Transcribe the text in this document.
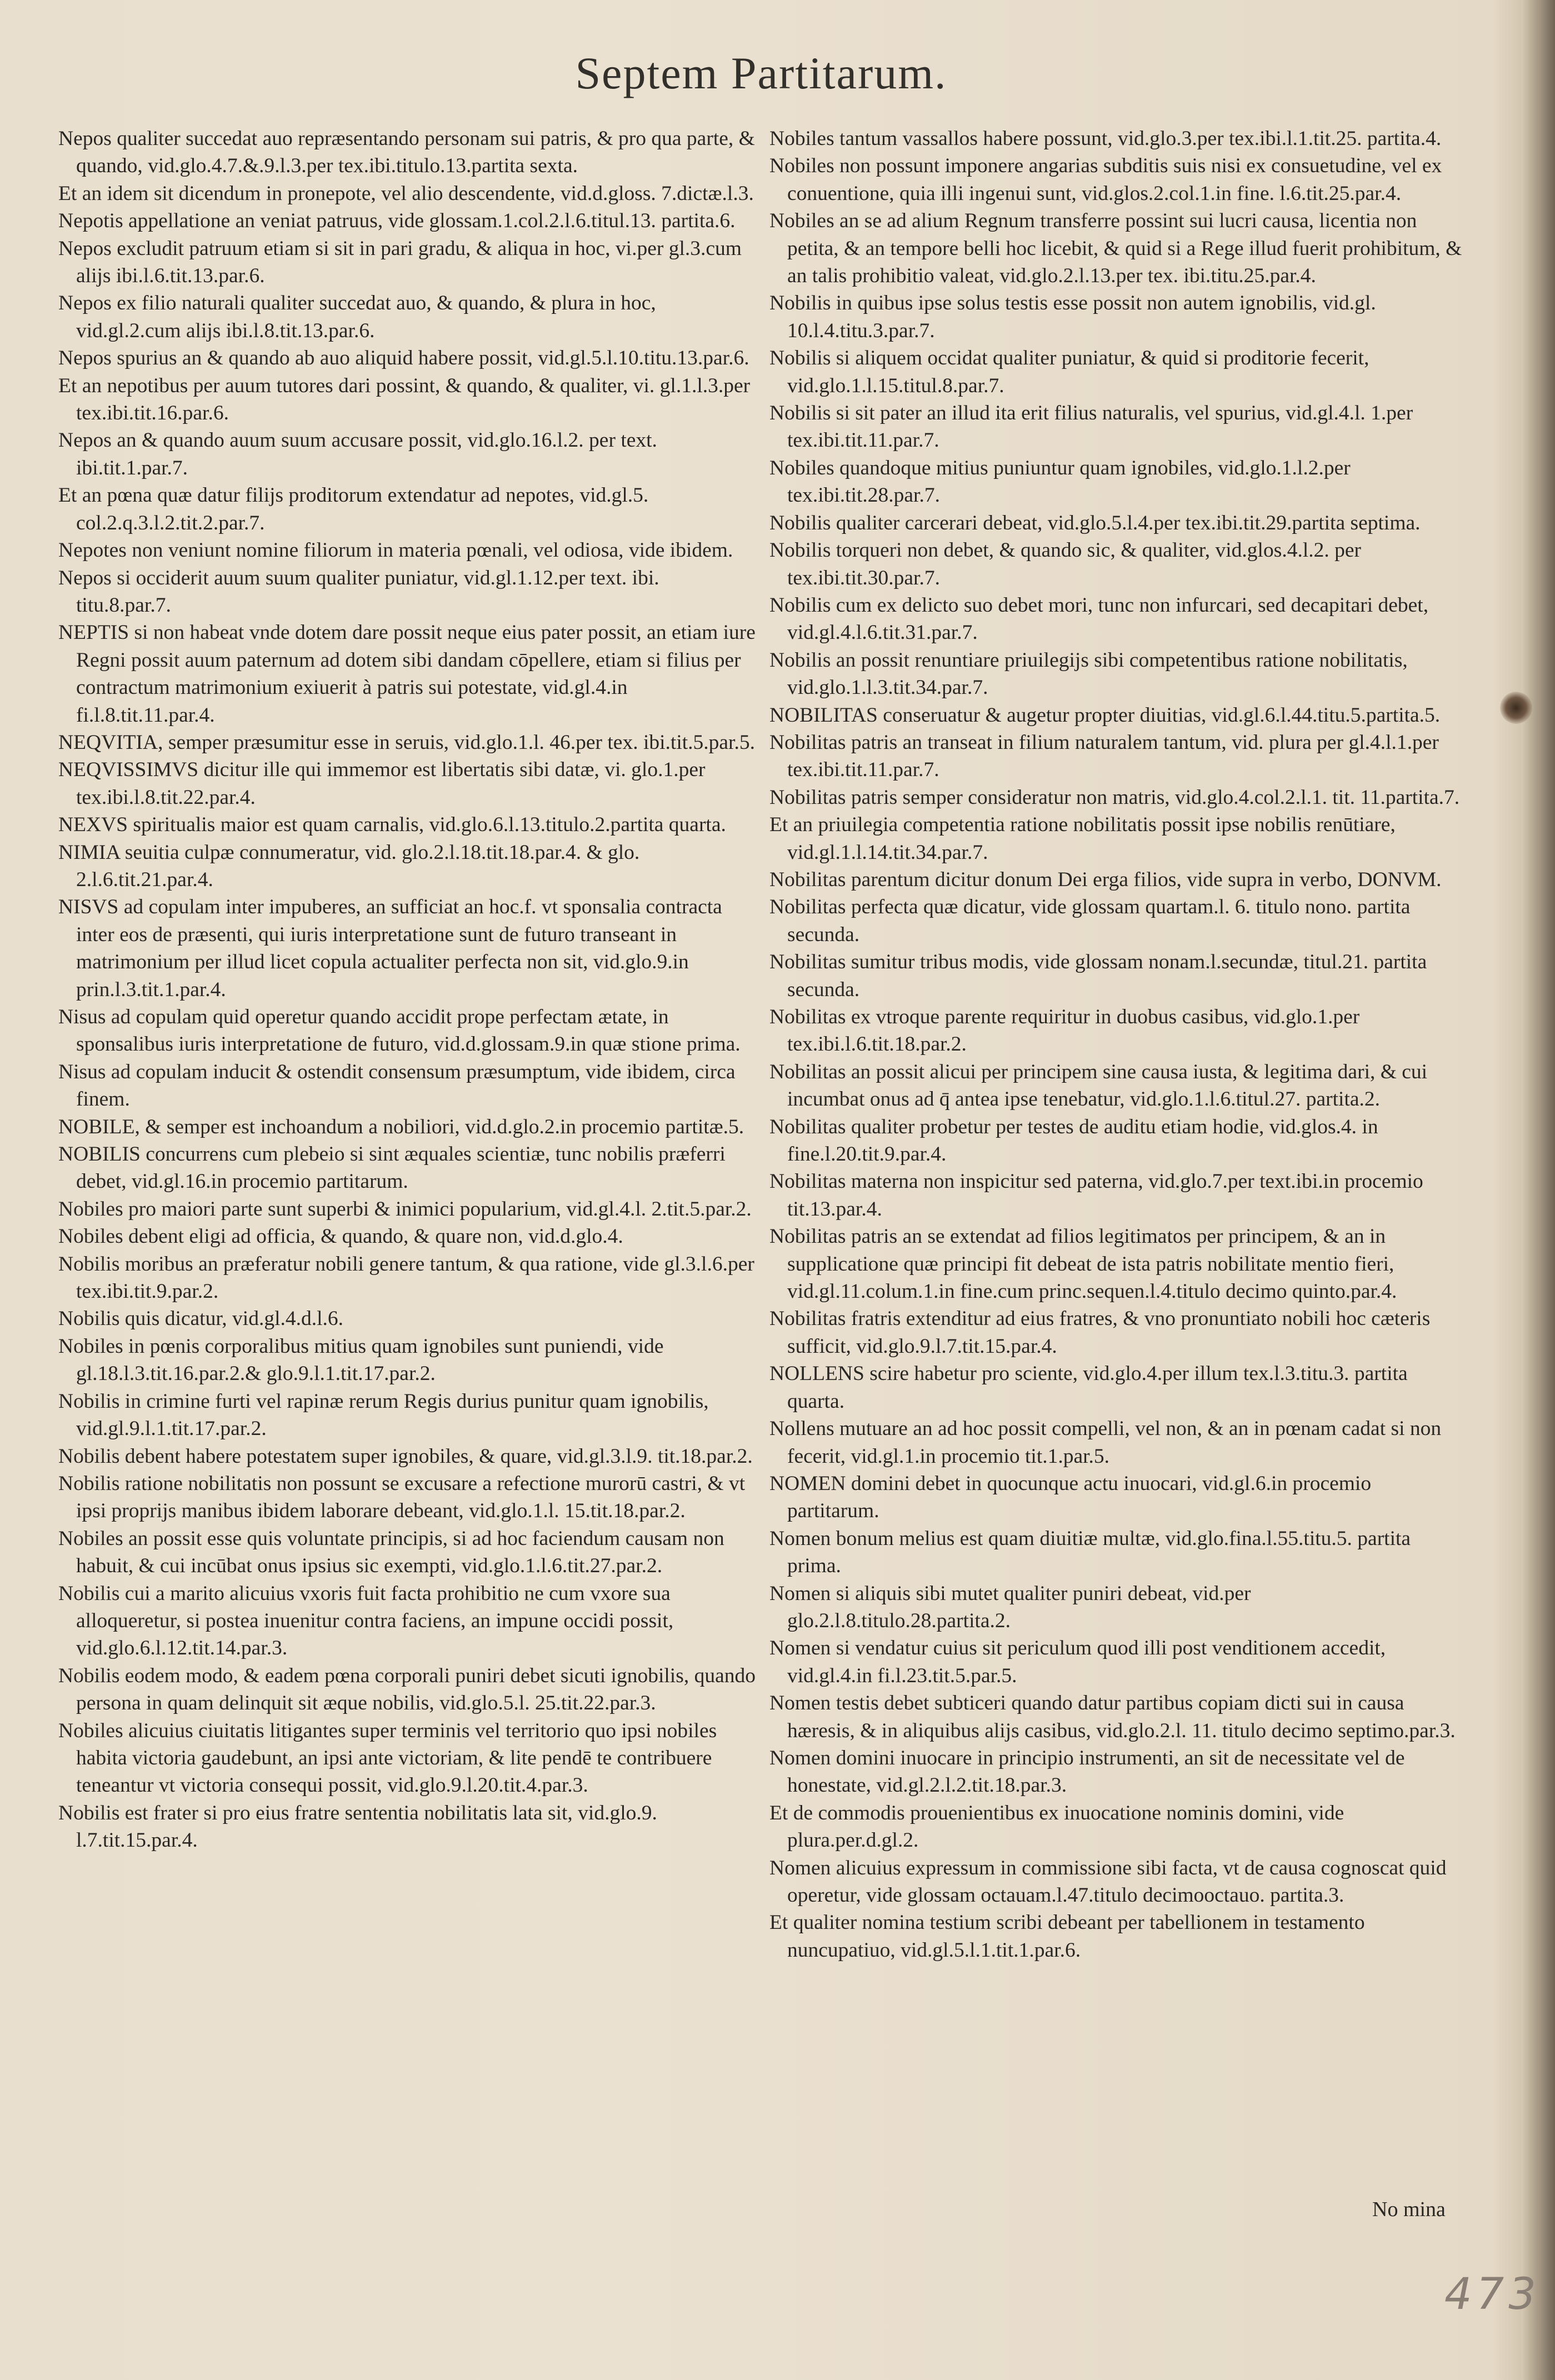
Septem Partitarum.

Nepos qualiter succedat auo repræsentando personam sui patris, & pro qua parte, & quando, vid.glo.4.7.&.9.l.3.per tex.ibi.titulo.13.partita sexta.

Et an idem sit dicendum in pronepote, vel alio descendente, vid.d.gloss. 7.dictæ.l.3.

Nepotis appellatione an veniat patruus, vide glossam.1.col.2.l.6.titul.13. partita.6.

Nepos excludit patruum etiam si sit in pari gradu, & aliqua in hoc, vi.per gl.3.cum alijs ibi.l.6.tit.13.par.6.

Nepos ex filio naturali qualiter succedat auo, & quando, & plura in hoc, vid.gl.2.cum alijs ibi.l.8.tit.13.par.6.

Nepos spurius an & quando ab auo aliquid habere possit, vid.gl.5.l.10.titu.13.par.6.

Et an nepotibus per auum tutores dari possint, & quando, & qualiter, vi. gl.1.l.3.per tex.ibi.tit.16.par.6.

Nepos an & quando auum suum accusare possit, vid.glo.16.l.2. per text. ibi.tit.1.par.7.

Et an pœna quæ datur filijs proditorum extendatur ad nepotes, vid.gl.5. col.2.q.3.l.2.tit.2.par.7.

Nepotes non veniunt nomine filiorum in materia pœnali, vel odiosa, vide ibidem.

Nepos si occiderit auum suum qualiter puniatur, vid.gl.1.12.per text. ibi. titu.8.par.7.

NEPTIS si non habeat vnde dotem dare possit neque eius pater possit, an etiam iure Regni possit auum paternum ad dotem sibi dandam cōpellere, etiam si filius per contractum matrimonium exiuerit à patris sui potestate, vid.gl.4.in fi.l.8.tit.11.par.4.

NEQVITIA, semper præsumitur esse in seruis, vid.glo.1.l. 46.per tex. ibi.tit.5.par.5.

NEQVISSIMVS dicitur ille qui immemor est libertatis sibi datæ, vi. glo.1.per tex.ibi.l.8.tit.22.par.4.

NEXVS spiritualis maior est quam carnalis, vid.glo.6.l.13.titulo.2.partita quarta.

NIMIA seuitia culpæ connumeratur, vid. glo.2.l.18.tit.18.par.4. & glo. 2.l.6.tit.21.par.4.

NISVS ad copulam inter impuberes, an sufficiat an hoc.f. vt sponsalia contracta inter eos de præsenti, qui iuris interpretatione sunt de futuro transeant in matrimonium per illud licet copula actualiter perfecta non sit, vid.glo.9.in prin.l.3.tit.1.par.4.

Nisus ad copulam quid operetur quando accidit prope perfectam ætate, in sponsalibus iuris interpretatione de futuro, vid.d.glossam.9.in quæ stione prima.

Nisus ad copulam inducit & ostendit consensum præsumptum, vide ibidem, circa finem.

NOBILE, & semper est inchoandum a nobiliori, vid.d.glo.2.in procemio partitæ.5.

NOBILIS concurrens cum plebeio si sint æquales scientiæ, tunc nobilis præferri debet, vid.gl.16.in procemio partitarum.

Nobiles pro maiori parte sunt superbi & inimici popularium, vid.gl.4.l. 2.tit.5.par.2.

Nobiles debent eligi ad officia, & quando, & quare non, vid.d.glo.4.

Nobilis moribus an præferatur nobili genere tantum, & qua ratione, vide gl.3.l.6.per tex.ibi.tit.9.par.2.

Nobilis quis dicatur, vid.gl.4.d.l.6.

Nobiles in pœnis corporalibus mitius quam ignobiles sunt puniendi, vide gl.18.l.3.tit.16.par.2.& glo.9.l.1.tit.17.par.2.

Nobilis in crimine furti vel rapinæ rerum Regis durius punitur quam ignobilis, vid.gl.9.l.1.tit.17.par.2.

Nobilis debent habere potestatem super ignobiles, & quare, vid.gl.3.l.9. tit.18.par.2.

Nobilis ratione nobilitatis non possunt se excusare a refectione murorū castri, & vt ipsi proprijs manibus ibidem laborare debeant, vid.glo.1.l. 15.tit.18.par.2.

Nobiles an possit esse quis voluntate principis, si ad hoc faciendum causam non habuit, & cui incūbat onus ipsius sic exempti, vid.glo.1.l.6.tit.27.par.2.

Nobilis cui a marito alicuius vxoris fuit facta prohibitio ne cum vxore sua alloqueretur, si postea inuenitur contra faciens, an impune occidi possit, vid.glo.6.l.12.tit.14.par.3.

Nobilis eodem modo, & eadem pœna corporali puniri debet sicuti ignobilis, quando persona in quam delinquit sit æque nobilis, vid.glo.5.l. 25.tit.22.par.3.

Nobiles alicuius ciuitatis litigantes super terminis vel territorio quo ipsi nobiles habita victoria gaudebunt, an ipsi ante victoriam, & lite pendē te contribuere teneantur vt victoria consequi possit, vid.glo.9.l.20.tit.4.par.3.

Nobilis est frater si pro eius fratre sententia nobilitatis lata sit, vid.glo.9. l.7.tit.15.par.4.

Nobiles tantum vassallos habere possunt, vid.glo.3.per tex.ibi.l.1.tit.25. partita.4.

Nobiles non possunt imponere angarias subditis suis nisi ex consuetudine, vel ex conuentione, quia illi ingenui sunt, vid.glos.2.col.1.in fine. l.6.tit.25.par.4.

Nobiles an se ad alium Regnum transferre possint sui lucri causa, licentia non petita, & an tempore belli hoc licebit, & quid si a Rege illud fuerit prohibitum, & an talis prohibitio valeat, vid.glo.2.l.13.per tex. ibi.titu.25.par.4.

Nobilis in quibus ipse solus testis esse possit non autem ignobilis, vid.gl. 10.l.4.titu.3.par.7.

Nobilis si aliquem occidat qualiter puniatur, & quid si proditorie fecerit, vid.glo.1.l.15.titul.8.par.7.

Nobilis si sit pater an illud ita erit filius naturalis, vel spurius, vid.gl.4.l. 1.per tex.ibi.tit.11.par.7.

Nobiles quandoque mitius puniuntur quam ignobiles, vid.glo.1.l.2.per tex.ibi.tit.28.par.7.

Nobilis qualiter carcerari debeat, vid.glo.5.l.4.per tex.ibi.tit.29.partita septima.

Nobilis torqueri non debet, & quando sic, & qualiter, vid.glos.4.l.2. per tex.ibi.tit.30.par.7.

Nobilis cum ex delicto suo debet mori, tunc non infurcari, sed decapitari debet, vid.gl.4.l.6.tit.31.par.7.

Nobilis an possit renuntiare priuilegijs sibi competentibus ratione nobilitatis, vid.glo.1.l.3.tit.34.par.7.

NOBILITAS conseruatur & augetur propter diuitias, vid.gl.6.l.44.titu.5.partita.5.

Nobilitas patris an transeat in filium naturalem tantum, vid. plura per gl.4.l.1.per tex.ibi.tit.11.par.7.

Nobilitas patris semper consideratur non matris, vid.glo.4.col.2.l.1. tit. 11.partita.7.

Et an priuilegia competentia ratione nobilitatis possit ipse nobilis renūtiare, vid.gl.1.l.14.tit.34.par.7.

Nobilitas parentum dicitur donum Dei erga filios, vide supra in verbo, DONVM.

Nobilitas perfecta quæ dicatur, vide glossam quartam.l. 6. titulo nono. partita secunda.

Nobilitas sumitur tribus modis, vide glossam nonam.l.secundæ, titul.21. partita secunda.

Nobilitas ex vtroque parente requiritur in duobus casibus, vid.glo.1.per tex.ibi.l.6.tit.18.par.2.

Nobilitas an possit alicui per principem sine causa iusta, & legitima dari, & cui incumbat onus ad q̄ antea ipse tenebatur, vid.glo.1.l.6.titul.27. partita.2.

Nobilitas qualiter probetur per testes de auditu etiam hodie, vid.glos.4. in fine.l.20.tit.9.par.4.

Nobilitas materna non inspicitur sed paterna, vid.glo.7.per text.ibi.in procemio tit.13.par.4.

Nobilitas patris an se extendat ad filios legitimatos per principem, & an in supplicatione quæ principi fit debeat de ista patris nobilitate mentio fieri, vid.gl.11.colum.1.in fine.cum princ.sequen.l.4.titulo decimo quinto.par.4.

Nobilitas fratris extenditur ad eius fratres, & vno pronuntiato nobili hoc cæteris sufficit, vid.glo.9.l.7.tit.15.par.4.

NOLLENS scire habetur pro sciente, vid.glo.4.per illum tex.l.3.titu.3. partita quarta.

Nollens mutuare an ad hoc possit compelli, vel non, & an in pœnam cadat si non fecerit, vid.gl.1.in procemio tit.1.par.5.

NOMEN domini debet in quocunque actu inuocari, vid.gl.6.in procemio partitarum.

Nomen bonum melius est quam diuitiæ multæ, vid.glo.fina.l.55.titu.5. partita prima.

Nomen si aliquis sibi mutet qualiter puniri debeat, vid.per glo.2.l.8.titulo.28.partita.2.

Nomen si vendatur cuius sit periculum quod illi post venditionem accedit, vid.gl.4.in fi.l.23.tit.5.par.5.

Nomen testis debet subticeri quando datur partibus copiam dicti sui in causa hæresis, & in aliquibus alijs casibus, vid.glo.2.l. 11. titulo decimo septimo.par.3.

Nomen domini inuocare in principio instrumenti, an sit de necessitate vel de honestate, vid.gl.2.l.2.tit.18.par.3.

Et de commodis prouenientibus ex inuocatione nominis domini, vide plura.per.d.gl.2.

Nomen alicuius expressum in commissione sibi facta, vt de causa cognoscat quid operetur, vide glossam octauam.l.47.titulo decimooctauo. partita.3.

Et qualiter nomina testium scribi debeant per tabellionem in testamento nuncupatiuo, vid.gl.5.l.1.tit.1.par.6.

No mina
473
